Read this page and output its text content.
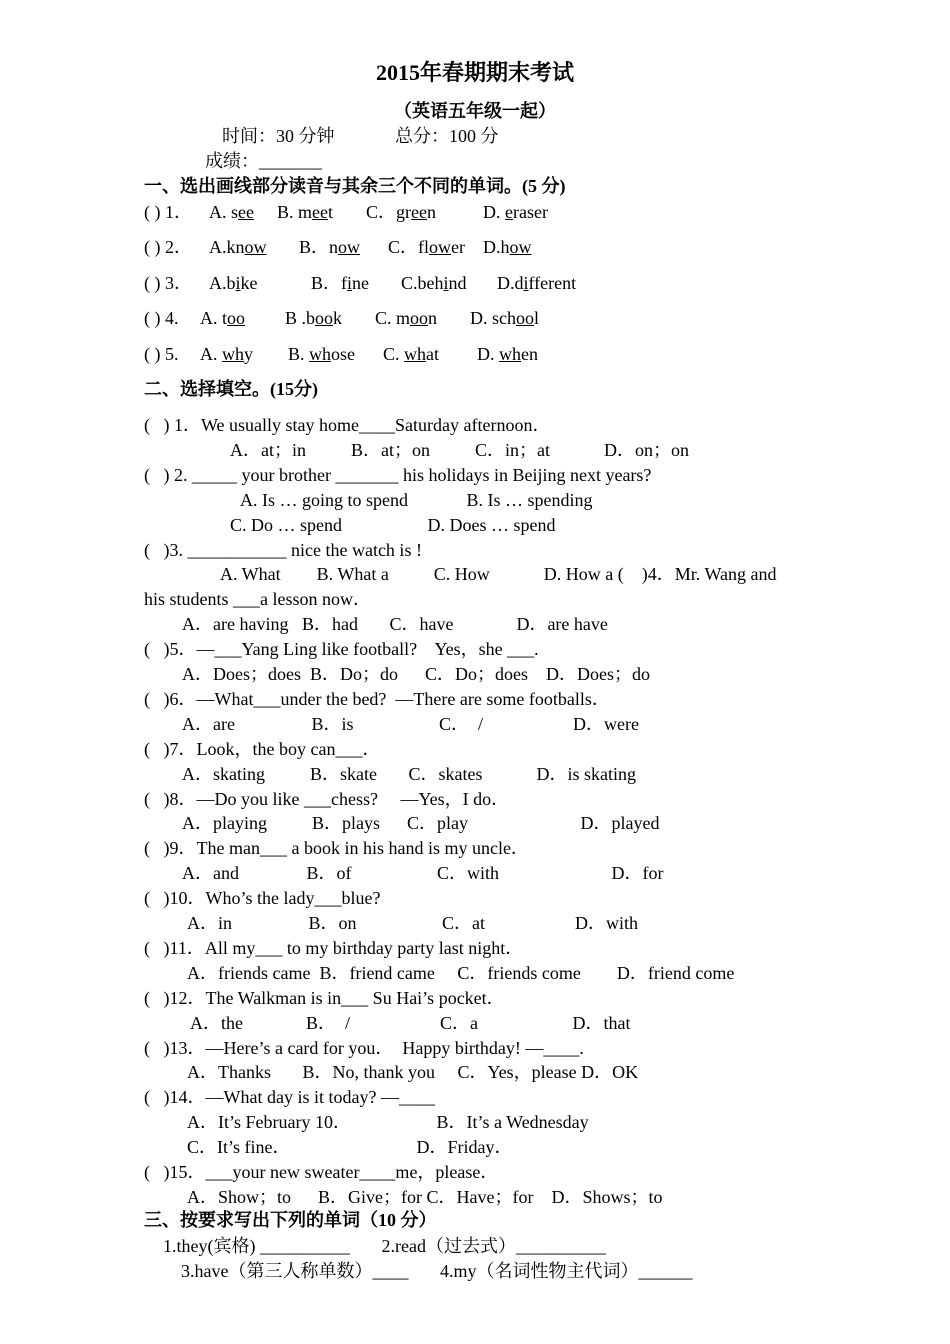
2015年春期期末考试
（英语五年级一起）
时间：30 分钟	总分：100 分
成绩：_______
一、选出画线部分读音与其余三个不同的单词。(5 分)
( ) 1． A. see B. meet C．green	D. eraser
( ) 2． A.know B．now C．flower D.how
( ) 3． A.bike	B．fine C.behind D.different
( ) 4. A. too B .book C. moon D. school
( ) 5. A. why B. whose C. what D. when
二、选择填空。(15分)
(   ) 1．We usually stay home____Saturday afternoon．
A．at；in          B．at；on          C．in；at            D．on；on
(   ) 2. _____ your brother _______ his holidays in Beijing next years?
A. Is … going to spend             B. Is … spending
C. Do … spend                   D. Does … spend
(   )3. ___________ nice the watch is !
A. What        B. What a          C. How            D. How a (    )4．Mr. Wang and
his students ___a lesson now．
A．are having   B．had       C．have              D．are have
(   )5．—___Yang Ling like football?    Yes，she ___.
A．Does；does  B．Do；do      C．Do；does    D．Does；do
(   )6．—What___under the bed?  —There are some footballs．
A．are                 B．is                   C．  /                    D．were
(   )7．Look，the boy can___．
A．skating          B．skate       C．skates            D．is skating
(   )8．—Do you like ___chess?     —Yes，I do．
A．playing          B．plays      C．play                         D．played
(   )9．The man___ a book in his hand is my uncle．
A．and               B．of                   C．with                         D．for
(   )10．Who’s the lady___blue?
A．in                 B．on                   C．at                    D．with
(   )11．All my___ to my birthday party last night．
A．friends came  B．friend came     C．friends come        D．friend come
(   )12．The Walkman is in___ Su Hai’s pocket．
A．the              B．  /                    C．a                     D．that
(   )13．—Here’s a card for you．  Happy birthday! —____.
A．Thanks       B．No, thank you     C．Yes，please D．OK
(   )14．—What day is it today? —____
A．It’s February 10．                   B．It’s a Wednesday
C．It’s fine．                            D．Friday．
(   )15．___your new sweater____me，please．
A．Show；to      B．Give；for C．Have；for    D．Shows；to
三、按要求写出下列的单词（10 分）
1.they(宾格) __________       2.read（过去式）__________
3.have（第三人称单数）____       4.my（名词性物主代词）______
